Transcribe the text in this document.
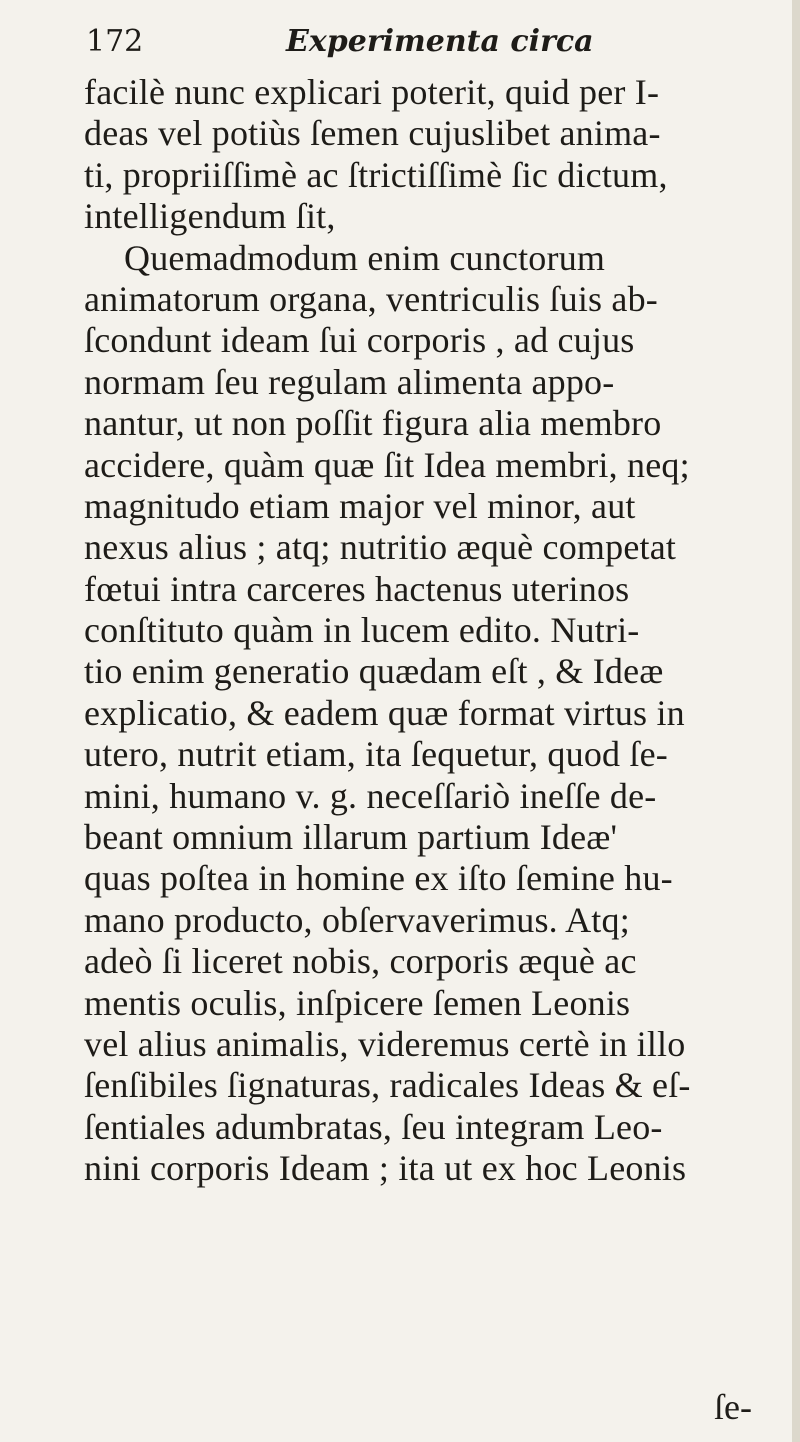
172	Experimenta circa
facilè nunc explicari poterit, quid per I-
deas vel potiùs ſemen cujuslibet anima-
ti, propriiſſimè ac ſtrictiſſimè ſic dictum,
intelligendum ſit,
Quemadmodum enim cunctorum
animatorum organa, ventriculis ſuis ab-
ſcondunt ideam ſui corporis , ad cujus
normam ſeu regulam alimenta appo-
nantur, ut non poſſit figura alia membro
accidere, quàm quæ ſit Idea membri, neq;
magnitudo etiam major vel minor, aut
nexus alius ; atq; nutritio æquè competat
fœtui intra carceres hactenus uterinos
conſtituto quàm in lucem edito. Nutri-
tio enim generatio quædam eſt , & Ideæ
explicatio, & eadem quæ format virtus in
utero, nutrit etiam, ita ſequetur, quod ſe-
mini, humano v. g. neceſſariò ineſſe de-
beant omnium illarum partium Ideæ'
quas poſtea in homine ex iſto ſemine hu-
mano producto, obſervaverimus. Atq;
adeò ſi liceret nobis, corporis æquè ac
mentis oculis, inſpicere ſemen Leonis
vel alius animalis, videremus certè in illo
ſenſibiles ſignaturas, radicales Ideas & eſ-
ſentiales adumbratas, ſeu integram Leo-
nini corporis Ideam ; ita ut ex hoc Leonis
ſe-
